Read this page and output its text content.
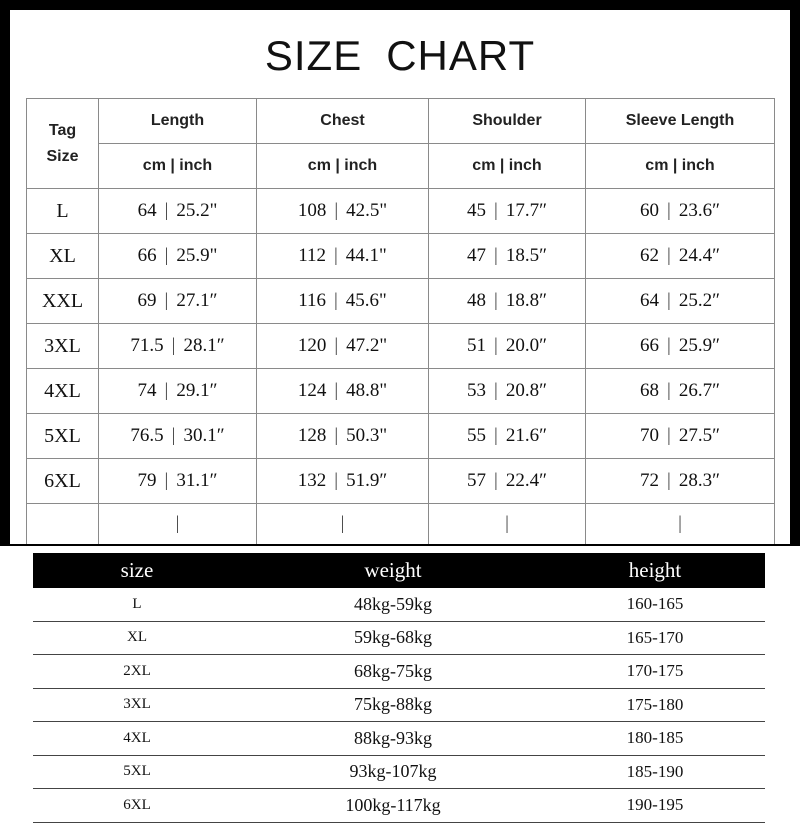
SIZE CHART
Tag
Size	Length	Chest	Shoulder	Sleeve Length
	cm | inch	cm | inch	cm | inch	cm | inch
L	64 | 25.2"	108 | 42.5"	45 | 17.7″	60 | 23.6″
XL	66 | 25.9"	112 | 44.1"	47 | 18.5″	62 | 24.4″
XXL	69 | 27.1″	116 | 45.6"	48 | 18.8″	64 | 25.2″
3XL	71.5 | 28.1″	120 | 47.2"	51 | 20.0″	66 | 25.9″
4XL	74 | 29.1″	124 | 48.8"	53 | 20.8″	68 | 26.7″
5XL	76.5 | 30.1″	128 | 50.3"	55 | 21.6″	70 | 27.5″
6XL	79 | 31.1″	132 | 51.9″	57 | 22.4″	72 | 28.3″
	|	|	|	|
size	weight	height
L	48kg-59kg	160-165
XL	59kg-68kg	165-170
2XL	68kg-75kg	170-175
3XL	75kg-88kg	175-180
4XL	88kg-93kg	180-185
5XL	93kg-107kg	185-190
6XL	100kg-117kg	190-195
